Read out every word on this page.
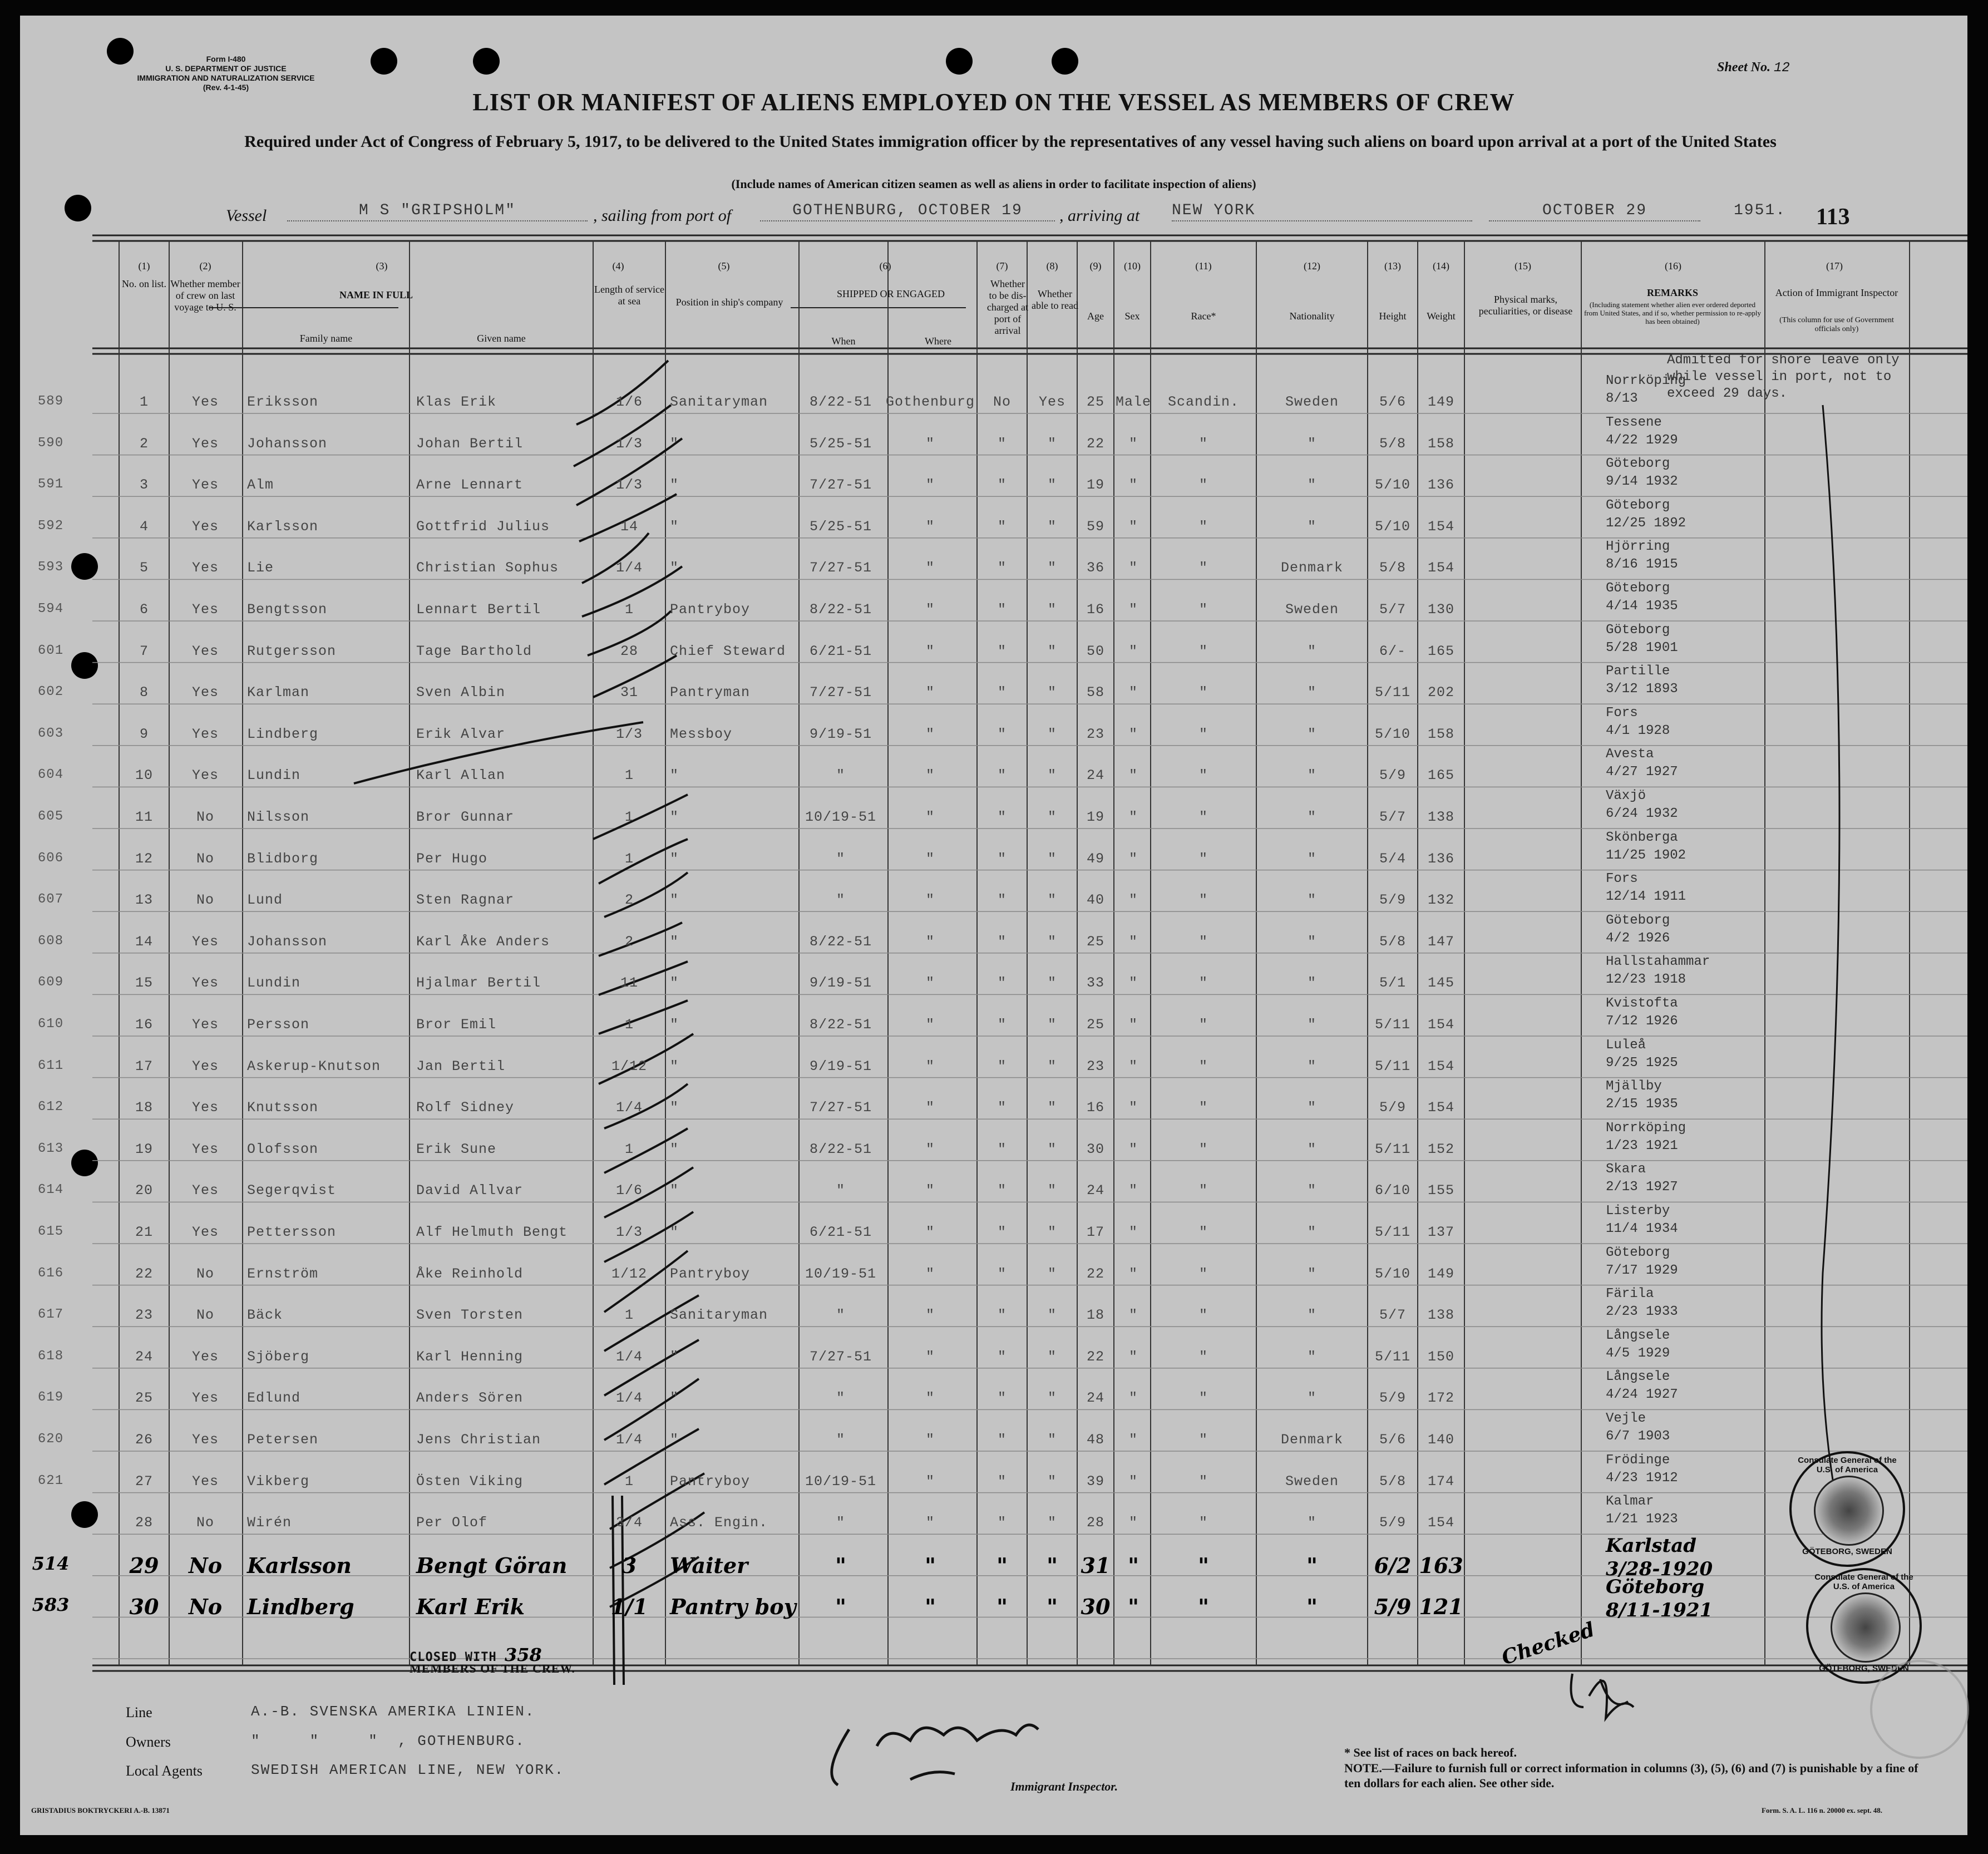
Form I-480
U. S. DEPARTMENT OF JUSTICE
IMMIGRATION AND NATURALIZATION SERVICE
(Rev. 4-1-45)
Sheet No. 12
LIST OR MANIFEST OF ALIENS EMPLOYED ON THE VESSEL AS MEMBERS OF CREW
Required under Act of Congress of February 5, 1917, to be delivered to the United States immigration officer by the representatives of any vessel having such aliens on board upon arrival at a port of the United States
(Include names of American citizen seamen as well as aliens in order to facilitate inspection of aliens)
Vessel	M S "GRIPSHOLM"	, sailing from port of	GOTHENBURG, OCTOBER 19	, arriving at NEW YORK	OCTOBER 29	1951.	113
(1)	(2)	(3)	(4)	(5)	(6)	(7)	(8)	(9)	(10)	(11)	(12)	(13)	(14)	(15)	(16)	(17)
No. on list. Whether member of crew on last voyage to U. S.
NAME IN FULL
Family name	Given name
Length of service at sea	Position in ship's company
SHIPPED OR ENGAGED
When	Where
Whether to be dis-charged at port of arrival
Whether able to read
Age	Sex	Race*	Nationality	Height	Weight
Physical marks, peculiarities, or disease
REMARKS
(Including statement whether alien ever ordered deported from United States, and if so, whether permission to re-apply has been obtained)
Action of Immigrant Inspector
(This column for use of Government officials only)
Admitted for shore leave only while vessel in port, not to exceed 29 days.
589	1	Yes	Eriksson	Klas Erik	1/6	Sanitaryman	8/22-51 Gothenburg	No	Yes	25 Male	Scandin.	Sweden	5/6	149
Norrköping
8/13
590	2	Yes	Johansson	Johan Bertil	1/3	"	5/25-51	"	"	"	22	"	"	"	5/8	158
Tessene
4/22 1929
591	3	Yes	Alm	Arne Lennart	1/3	"	7/27-51	"	"	"	19	"	"	"	5/10	136
Göteborg
9/14 1932
592	4	Yes	Karlsson	Gottfrid Julius	14	"	5/25-51	"	"	"	59	"	"	"	5/10	154
Göteborg
12/25 1892
593	5	Yes	Lie	Christian Sophus	1/4	"	7/27-51	"	"	"	36	"	"	Denmark	5/8	154
Hjörring
8/16 1915
594	6	Yes	Bengtsson	Lennart Bertil	1	Pantryboy	8/22-51	"	"	"	16	"	"	Sweden	5/7	130
Göteborg
4/14 1935
601	7	Yes	Rutgersson	Tage Barthold	28	Chief Steward	6/21-51	"	"	"	50	"	"	"	6/-	165
Göteborg
5/28 1901
602	8	Yes	Karlman	Sven Albin	31	Pantryman	7/27-51	"	"	"	58	"	"	"	5/11	202
Partille
3/12 1893
603	9	Yes	Lindberg	Erik Alvar	1/3	Messboy	9/19-51	"	"	"	23	"	"	"	5/10	158
Fors
4/1 1928
604	10	Yes	Lundin	Karl Allan	1	"	"	"	"	"	24	"	"	"	5/9	165
Avesta
4/27 1927
605	11	No	Nilsson	Bror Gunnar	1	"	10/19-51	"	"	"	19	"	"	"	5/7	138
Växjö
6/24 1932
606	12	No	Blidborg	Per Hugo	1	"	"	"	"	"	49	"	"	"	5/4	136
Skönberga
11/25 1902
607	13	No	Lund	Sten Ragnar	2	"	"	"	"	"	40	"	"	"	5/9	132
Fors
12/14 1911
608	14	Yes	Johansson	Karl Åke Anders	2	"	8/22-51	"	"	"	25	"	"	"	5/8	147
Göteborg
4/2 1926
609	15	Yes	Lundin	Hjalmar Bertil	11	"	9/19-51	"	"	"	33	"	"	"	5/1	145
Hallstahammar
12/23 1918
610	16	Yes	Persson	Bror Emil	1	"	8/22-51	"	"	"	25	"	"	"	5/11	154
Kvistofta
7/12 1926
611	17	Yes	Askerup-Knutson	Jan Bertil	1/12	"	9/19-51	"	"	"	23	"	"	"	5/11	154
Luleå
9/25 1925
612	18	Yes	Knutsson	Rolf Sidney	1/4	"	7/27-51	"	"	"	16	"	"	"	5/9	154
Mjällby
2/15 1935
613	19	Yes	Olofsson	Erik Sune	1	"	8/22-51	"	"	"	30	"	"	"	5/11	152
Norrköping
1/23 1921
614	20	Yes	Segerqvist	David Allvar	1/6	"	"	"	"	"	24	"	"	"	6/10	155
Skara
2/13 1927
615	21	Yes	Pettersson	Alf Helmuth Bengt	1/3	"	6/21-51	"	"	"	17	"	"	"	5/11	137
Listerby
11/4 1934
616	22	No	Ernström	Åke Reinhold	1/12	Pantryboy	10/19-51	"	"	"	22	"	"	"	5/10	149
Göteborg
7/17 1929
617	23	No	Bäck	Sven Torsten	1	Sanitaryman	"	"	"	"	18	"	"	"	5/7	138
Färila
2/23 1933
618	24	Yes	Sjöberg	Karl Henning	1/4	"	7/27-51	"	"	"	22	"	"	"	5/11	150
Långsele
4/5 1929
619	25	Yes	Edlund	Anders Sören	1/4	"	"	"	"	"	24	"	"	"	5/9	172
Långsele
4/24 1927
620	26	Yes	Petersen	Jens Christian	1/4	"	"	"	"	"	48	"	"	Denmark	5/6	140
Vejle
6/7 1903
621	27	Yes	Vikberg	Östen Viking	1	Pantryboy	10/19-51	"	"	"	39	"	"	Sweden	5/8	174
Frödinge
4/23 1912
28	No	Wirén	Per Olof	3/4	Ass. Engin.	"	"	"	"	28	"	"	"	5/9	154
Kalmar
1/21 1923
514	29	No	Karlsson	Bengt Göran	3	Waiter	"	"	"	"	31 "	"	"	6/2 163
Karlstad
3/28-1920
583	30	No	Lindberg	Karl Erik	1/1	Pantry boy	"	"	"	"	30 "	"	"	5/9 121
Göteborg
8/11-1921
CLOSED WITH 358
MEMBERS OF THE CREW.	Checked
Line	A.-B. SVENSKA AMERIKA LINIEN.
Owners	"     "     "  , GOTHENBURG.
Local Agents	SWEDISH AMERICAN LINE, NEW YORK.
Immigrant Inspector.
* See list of races on back hereof.
NOTE.—Failure to furnish full or correct information in columns (3), (5), (6) and (7) is punishable by a fine of ten dollars for each alien. See other side.
GRISTADIUS BOKTRYCKERI A.-B. 13871	Form. S. A. L. 116 n. 20000 ex. sept. 48.
Consulate General of the U.S. of America
GÖTEBORG, SWEDEN
Consulate General of the U.S. of America
GÖTEBORG, SWEDEN
